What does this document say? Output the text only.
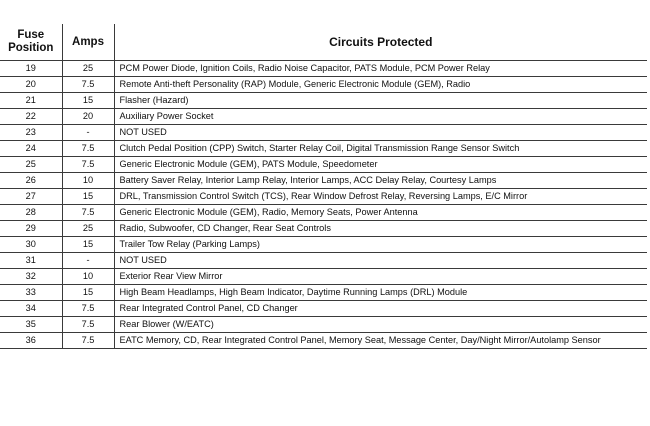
Fuse Position	Amps	Circuits Protected
19	25	PCM Power Diode, Ignition Coils, Radio Noise Capacitor, PATS Module, PCM Power Relay
20	7.5	Remote Anti-theft Personality (RAP) Module, Generic Electronic Module (GEM), Radio
21	15	Flasher (Hazard)
22	20	Auxiliary Power Socket
23	-	NOT USED
24	7.5	Clutch Pedal Position (CPP) Switch, Starter Relay Coil, Digital Transmission Range Sensor Switch
25	7.5	Generic Electronic Module (GEM), PATS Module, Speedometer
26	10	Battery Saver Relay, Interior Lamp Relay, Interior Lamps, ACC Delay Relay, Courtesy Lamps
27	15	DRL, Transmission Control Switch (TCS), Rear Window Defrost Relay, Reversing Lamps, E/C Mirror
28	7.5	Generic Electronic Module (GEM), Radio, Memory Seats, Power Antenna
29	25	Radio, Subwoofer, CD Changer, Rear Seat Controls
30	15	Trailer Tow Relay (Parking Lamps)
31	-	NOT USED
32	10	Exterior Rear View Mirror
33	15	High Beam Headlamps, High Beam Indicator, Daytime Running Lamps (DRL) Module
34	7.5	Rear Integrated Control Panel, CD Changer
35	7.5	Rear Blower (W/EATC)
36	7.5	EATC Memory, CD, Rear Integrated Control Panel, Memory Seat, Message Center, Day/Night Mirror/Autolamp Sensor
